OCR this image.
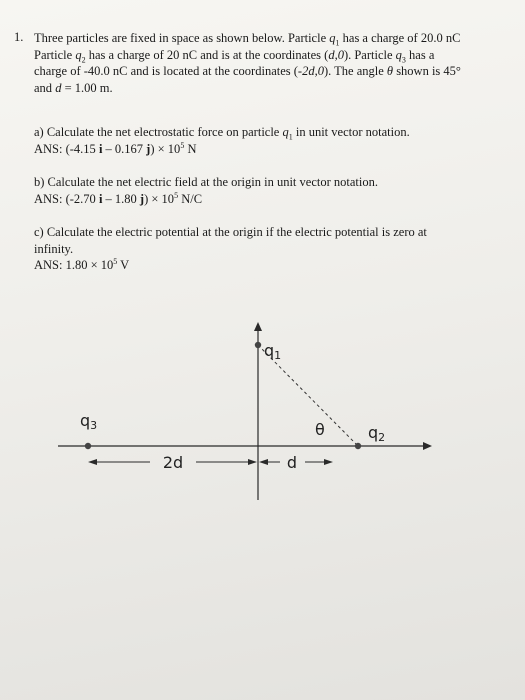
1. Three particles are fixed in space as shown below. Particle $q_1$ has a charge of 20.0 nC

Particle $q_2$ has a charge of 20 nC and is at the coordinates (d,0). Particle $q_3$ has a

charge of -40.0 nC and is located at the coordinates (-2d,0). The angle θ shown is 45°

and d = 1.00 m.

a) Calculate the net electrostatic force on particle $q_1$ in unit vector notation.

ANS: (-4.15 i – 0.167 $j) \times 10^5$ N

b) Calculate the net electric field at the origin in unit vector notation.

ANS: (-2.70 i – 1.80 $j) \times 10^5$ N/C

c) Calculate the electric potential at the origin if the electric potential is zero at

infinity.

ANS: $1.80 \times 10^5$ V

q1
q2
q3	θ
2d	d
